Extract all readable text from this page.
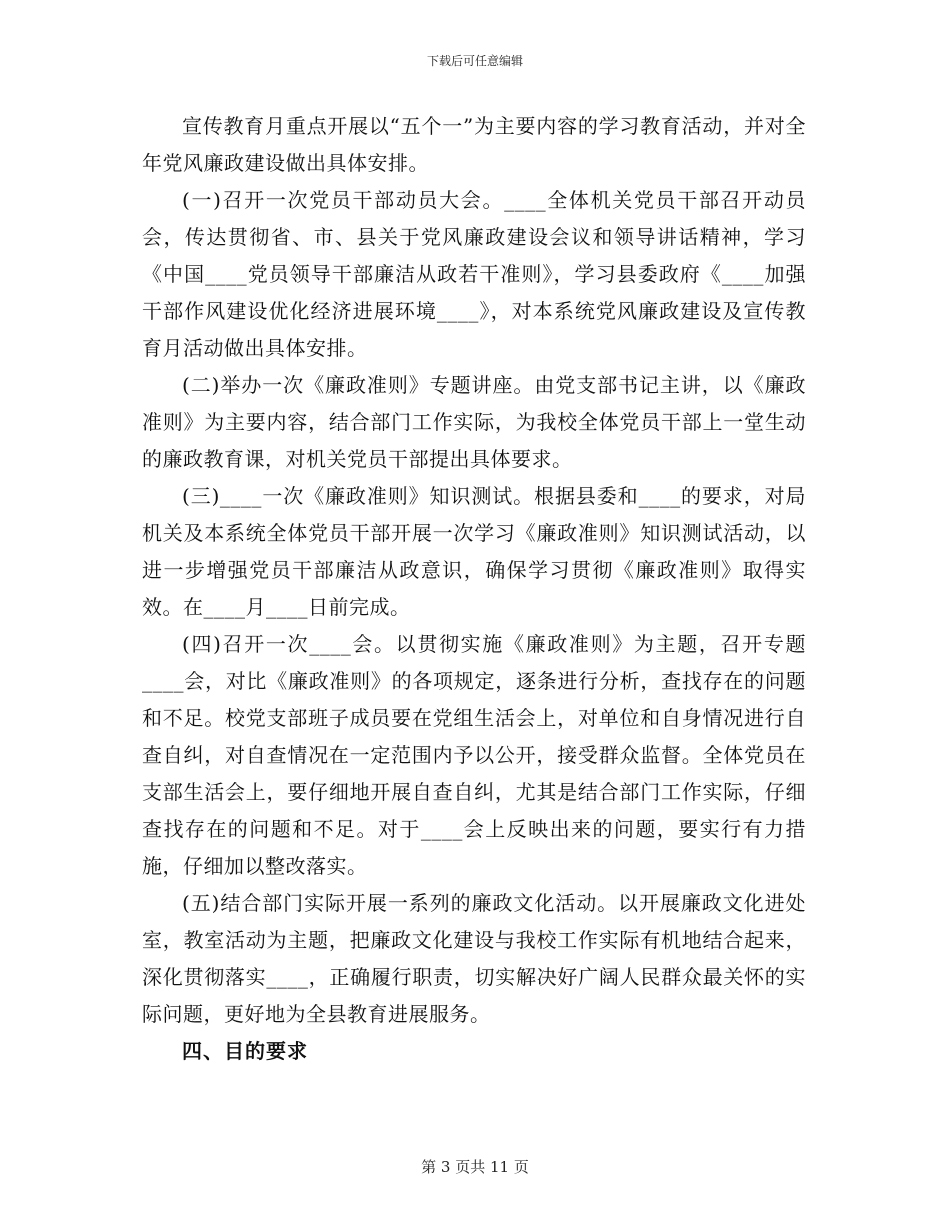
下载后可任意编辑

宣传教育月重点开展以“五个一”为主要内容的学习教育活动，并对全年党风廉政建设做出具体安排。

(一)召开一次党员干部动员大会。____全体机关党员干部召开动员会，传达贯彻省、市、县关于党风廉政建设会议和领导讲话精神，学习《中国____党员领导干部廉洁从政若干准则》，学习县委政府《____加强干部作风建设优化经济进展环境____》，对本系统党风廉政建设及宣传教育月活动做出具体安排。

(二)举办一次《廉政准则》专题讲座。由党支部书记主讲，以《廉政准则》为主要内容，结合部门工作实际，为我校全体党员干部上一堂生动的廉政教育课，对机关党员干部提出具体要求。

(三)____一次《廉政准则》知识测试。根据县委和____的要求，对局机关及本系统全体党员干部开展一次学习《廉政准则》知识测试活动，以进一步增强党员干部廉洁从政意识，确保学习贯彻《廉政准则》取得实效。在____月____日前完成。

(四)召开一次____会。以贯彻实施《廉政准则》为主题，召开专题____会，对比《廉政准则》的各项规定，逐条进行分析，查找存在的问题和不足。校党支部班子成员要在党组生活会上，对单位和自身情况进行自查自纠，对自查情况在一定范围内予以公开，接受群众监督。全体党员在支部生活会上，要仔细地开展自查自纠，尤其是结合部门工作实际，仔细查找存在的问题和不足。对于____会上反映出来的问题，要实行有力措施，仔细加以整改落实。

(五)结合部门实际开展一系列的廉政文化活动。以开展廉政文化进处室，教室活动为主题，把廉政文化建设与我校工作实际有机地结合起来，深化贯彻落实____，正确履行职责，切实解决好广阔人民群众最关怀的实际问题，更好地为全县教育进展服务。

四、目的要求

第 3 页共 11 页
